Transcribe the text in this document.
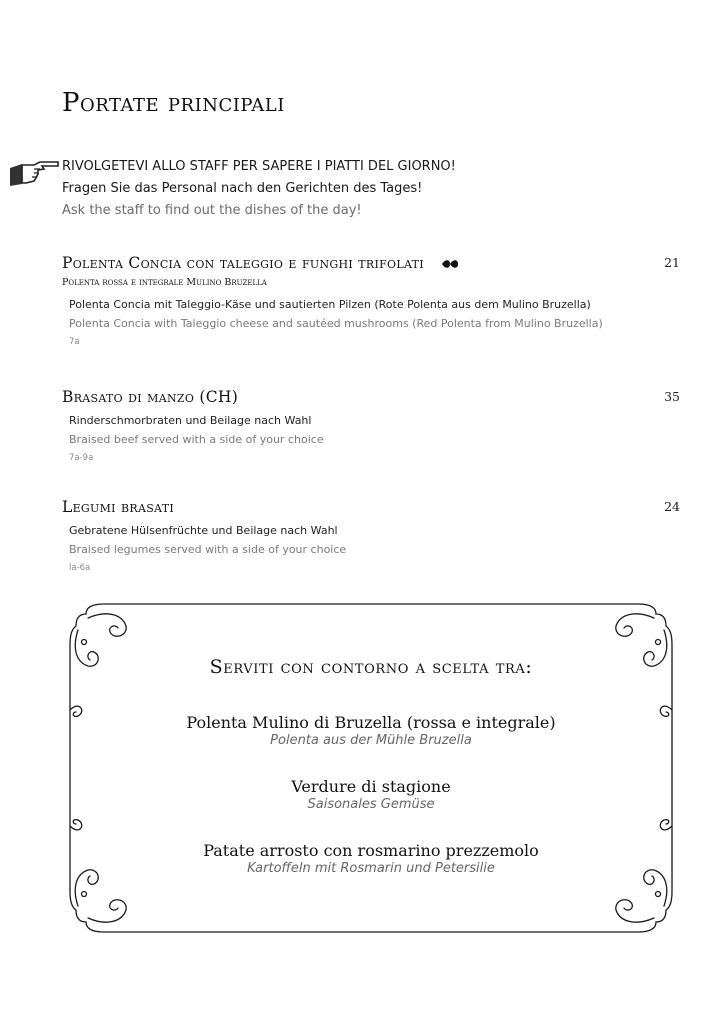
Portate principali
RIVOLGETEVI ALLO STAFF PER SAPERE I PIATTI DEL GIORNO!
Fragen Sie das Personal nach den Gerichten des Tages!
Ask the staff to find out the dishes of the day!
Polenta Concia con taleggio e funghi trifolati	21
Polenta rossa e integrale Mulino Bruzella
Polenta Concia mit Taleggio-Käse und sautierten Pilzen (Rote Polenta aus dem Mulino Bruzella)
Polenta Concia with Taleggio cheese and sautéed mushrooms (Red Polenta from Mulino Bruzella)
7a
Brasato di manzo (CH)	35
Rinderschmorbraten und Beilage nach Wahl
Braised beef served with a side of your choice
7a-9a
Legumi brasati	24
Gebratene Hülsenfrüchte und Beilage nach Wahl
Braised legumes served with a side of your choice
la-6a
Serviti con contorno a scelta tra:
Polenta Mulino di Bruzella (rossa e integrale)
Polenta aus der Mühle Bruzella
Verdure di stagione
Saisonales Gemüse
Patate arrosto con rosmarino prezzemolo
Kartoffeln mit Rosmarin und Petersilie
